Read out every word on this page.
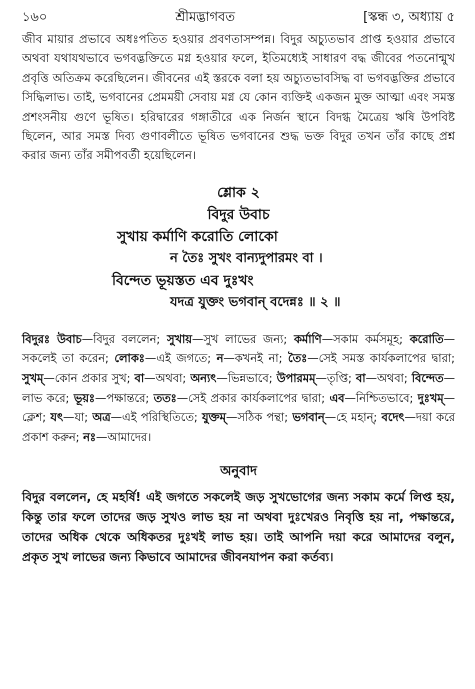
১৬০	শ্রীমদ্ভাগবত	[স্কন্ধ ৩, অধ্যায় ৫

জীব মায়ার প্রভাবে অধঃপতিত হওয়ার প্রবণতাসম্পন্ন। বিদুর অচ্যুতভাব প্রাপ্ত হওয়ার প্রভাবে অথবা যথাযথভাবে ভগবদ্ভক্তিতে মগ্ন হওয়ার ফলে, ইতিমধ্যেই সাধারণ বদ্ধ জীবের পতনোন্মুখ প্রবৃত্তি অতিক্রম করেছিলেন। জীবনের এই স্তরকে বলা হয় অচ্যুতভাবসিদ্ধ বা ভগবদ্ভক্তির প্রভাবে সিদ্ধিলাভ। তাই, ভগবানের প্রেমময়ী সেবায় মগ্ন যে কোন ব্যক্তিই একজন মুক্ত আত্মা এবং সমস্ত প্রশংসনীয় গুণে ভূষিত। হরিদ্বারের গঙ্গাতীরে এক নির্জন স্থানে বিদগ্ধ মৈত্রেয় ঋষি উপবিষ্ট ছিলেন, আর সমস্ত দিব্য গুণাবলীতে ভূষিত ভগবানের শুদ্ধ ভক্ত বিদুর তখন তাঁর কাছে প্রশ্ন করার জন্য তাঁর সমীপবর্তী হয়েছিলেন।

শ্লোক ২
বিদুর উবাচ
সুখায় কর্মাণি করোতি লোকো
ন তৈঃ সুখং বান্যদুপারমং বা ।
বিন্দেত ভূয়স্তত এব দুঃখং
যদত্র যুক্তং ভগবান্ বদেন্নঃ ॥ ২ ॥
বিদুরঃ উবাচ—বিদুর বললেন; সুখায়—সুখ লাভের জন্য; কর্মাণি—সকাম কর্মসমূহ; করোতি—সকলেই তা করেন; লোকঃ—এই জগতে; ন—কখনই না; তৈঃ—সেই সমস্ত কার্যকলাপের দ্বারা; সুখম্—কোন প্রকার সুখ; বা—অথবা; অন্যৎ—ভিন্নভাবে; উপারমম্—তৃপ্তি; বা—অথবা; বিন্দেত—লাভ করে; ভূয়ঃ—পক্ষান্তরে; ততঃ—সেই প্রকার কার্যকলাপের দ্বারা; এব—নিশ্চিতভাবে; দুঃখম্—ক্লেশ; যৎ—যা; অত্র—এই পরিস্থিতিতে; যুক্তম্—সঠিক পন্থা; ভগবান্—হে মহান্; বদেৎ—দয়া করে প্রকাশ করুন; নঃ—আমাদের।
অনুবাদ

বিদুর বললেন, হে মহর্ষি! এই জগতে সকলেই জড় সুখভোগের জন্য সকাম কর্মে লিপ্ত হয়, কিন্তু তার ফলে তাদের জড় সুখও লাভ হয় না অথবা দুঃখেরও নিবৃত্তি হয় না, পক্ষান্তরে, তাদের অধিক থেকে অধিকতর দুঃখই লাভ হয়। তাই আপনি দয়া করে আমাদের বলুন, প্রকৃত সুখ লাভের জন্য কিভাবে আমাদের জীবনযাপন করা কর্তব্য।
